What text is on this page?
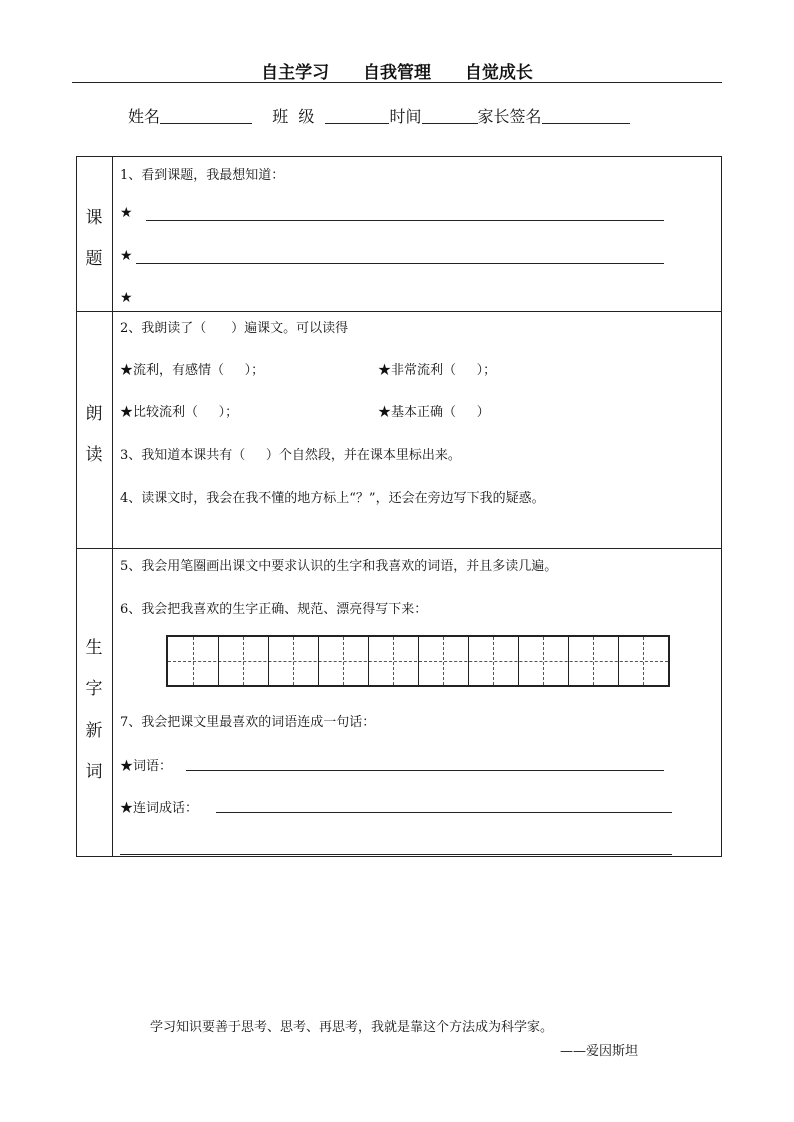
自主学习 自我管理 自觉成长
姓名	班  级	时间	家长签名
课
题
1、看到课题，我最想知道：
★
★
★
朗
读
2、我朗读了（      ）遍课文。可以读得
★流利，有感情（     ）；	★非常流利（     ）；
★比较流利（     ）；	★基本正确（     ）
3、我知道本课共有（     ）个自然段，并在课本里标出来。
4、读课文时，我会在我不懂的地方标上“？”，还会在旁边写下我的疑惑。
生
字
新
词
5、我会用笔圈画出课文中要求认识的生字和我喜欢的词语，并且多读几遍。
6、我会把我喜欢的生字正确、规范、漂亮得写下来：
7、我会把课文里最喜欢的词语连成一句话：
★词语：
★连词成话：
学习知识要善于思考、思考、再思考，我就是靠这个方法成为科学家。
——爱因斯坦
